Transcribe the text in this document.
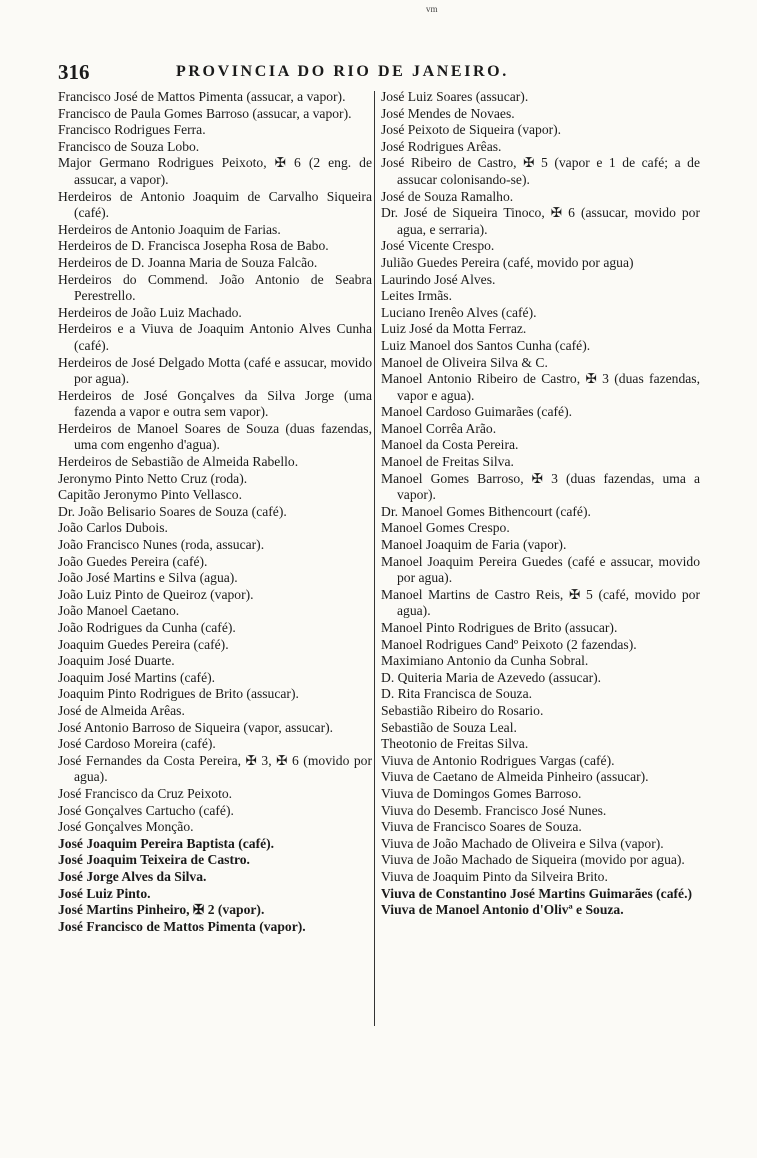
ᵛᵐ
316	PROVINCIA DO RIO DE JANEIRO.

Francisco José de Mattos Pimenta (assucar, a vapor).

Francisco de Paula Gomes Barroso (assucar, a vapor).

Francisco Rodrigues Ferra.

Francisco de Souza Lobo.

Major Germano Rodrigues Peixoto, ✠ 6 (2 eng. de assucar, a vapor).

Herdeiros de Antonio Joaquim de Carvalho Siqueira (café).

Herdeiros de Antonio Joaquim de Farias.

Herdeiros de D. Francisca Josepha Rosa de Babo.

Herdeiros de D. Joanna Maria de Souza Falcão.

Herdeiros do Commend. João Antonio de Seabra Perestrello.

Herdeiros de João Luiz Machado.

Herdeiros e a Viuva de Joaquim Antonio Alves Cunha (café).

Herdeiros de José Delgado Motta (café e assucar, movido por agua).

Herdeiros de José Gonçalves da Silva Jorge (uma fazenda a vapor e outra sem vapor).

Herdeiros de Manoel Soares de Souza (duas fazendas, uma com engenho d'agua).

Herdeiros de Sebastião de Almeida Rabello.

Jeronymo Pinto Netto Cruz (roda).

Capitão Jeronymo Pinto Vellasco.

Dr. João Belisario Soares de Souza (café).

João Carlos Dubois.

João Francisco Nunes (roda, assucar).

João Guedes Pereira (café).

João José Martins e Silva (agua).

João Luiz Pinto de Queiroz (vapor).

João Manoel Caetano.

João Rodrigues da Cunha (café).

Joaquim Guedes Pereira (café).

Joaquim José Duarte.

Joaquim José Martins (café).

Joaquim Pinto Rodrigues de Brito (assucar).

José de Almeida Arêas.

José Antonio Barroso de Siqueira (vapor, assucar).

José Cardoso Moreira (café).

José Fernandes da Costa Pereira, ✠ 3, ✠ 6 (movido por agua).

José Francisco da Cruz Peixoto.

José Gonçalves Cartucho (café).

José Gonçalves Monção.

José Joaquim Pereira Baptista (café).

José Joaquim Teixeira de Castro.

José Jorge Alves da Silva.

José Luiz Pinto.

José Martins Pinheiro, ✠ 2 (vapor).

José Francisco de Mattos Pimenta (vapor).

José Luiz Soares (assucar).

José Mendes de Novaes.

José Peixoto de Siqueira (vapor).

José Rodrigues Arêas.

José Ribeiro de Castro, ✠ 5 (vapor e 1 de café; a de assucar colonisando-se).

José de Souza Ramalho.

Dr. José de Siqueira Tinoco, ✠ 6 (assucar, movido por agua, e serraria).

José Vicente Crespo.

Julião Guedes Pereira (café, movido por agua)

Laurindo José Alves.

Leites Irmãs.

Luciano Irenêo Alves (café).

Luiz José da Motta Ferraz.

Luiz Manoel dos Santos Cunha (café).

Manoel de Oliveira Silva & C.

Manoel Antonio Ribeiro de Castro, ✠ 3 (duas fazendas, vapor e agua).

Manoel Cardoso Guimarães (café).

Manoel Corrêa Arão.

Manoel da Costa Pereira.

Manoel de Freitas Silva.

Manoel Gomes Barroso, ✠ 3 (duas fazendas, uma a vapor).

Dr. Manoel Gomes Bithencourt (café).

Manoel Gomes Crespo.

Manoel Joaquim de Faria (vapor).

Manoel Joaquim Pereira Guedes (café e assucar, movido por agua).

Manoel Martins de Castro Reis, ✠ 5 (café, movido por agua).

Manoel Pinto Rodrigues de Brito (assucar).

Manoel Rodrigues Candº Peixoto (2 fazendas).

Maximiano Antonio da Cunha Sobral.

D. Quiteria Maria de Azevedo (assucar).

D. Rita Francisca de Souza.

Sebastião Ribeiro do Rosario.

Sebastião de Souza Leal.

Theotonio de Freitas Silva.

Viuva de Antonio Rodrigues Vargas (café).

Viuva de Caetano de Almeida Pinheiro (assucar).

Viuva de Domingos Gomes Barroso.

Viuva do Desemb. Francisco José Nunes.

Viuva de Francisco Soares de Souza.

Viuva de João Machado de Oliveira e Silva (vapor).

Viuva de João Machado de Siqueira (movido por agua).

Viuva de Joaquim Pinto da Silveira Brito.

Viuva de Constantino José Martins Guimarães (café.)

Viuva de Manoel Antonio d'Olivª e Souza.
